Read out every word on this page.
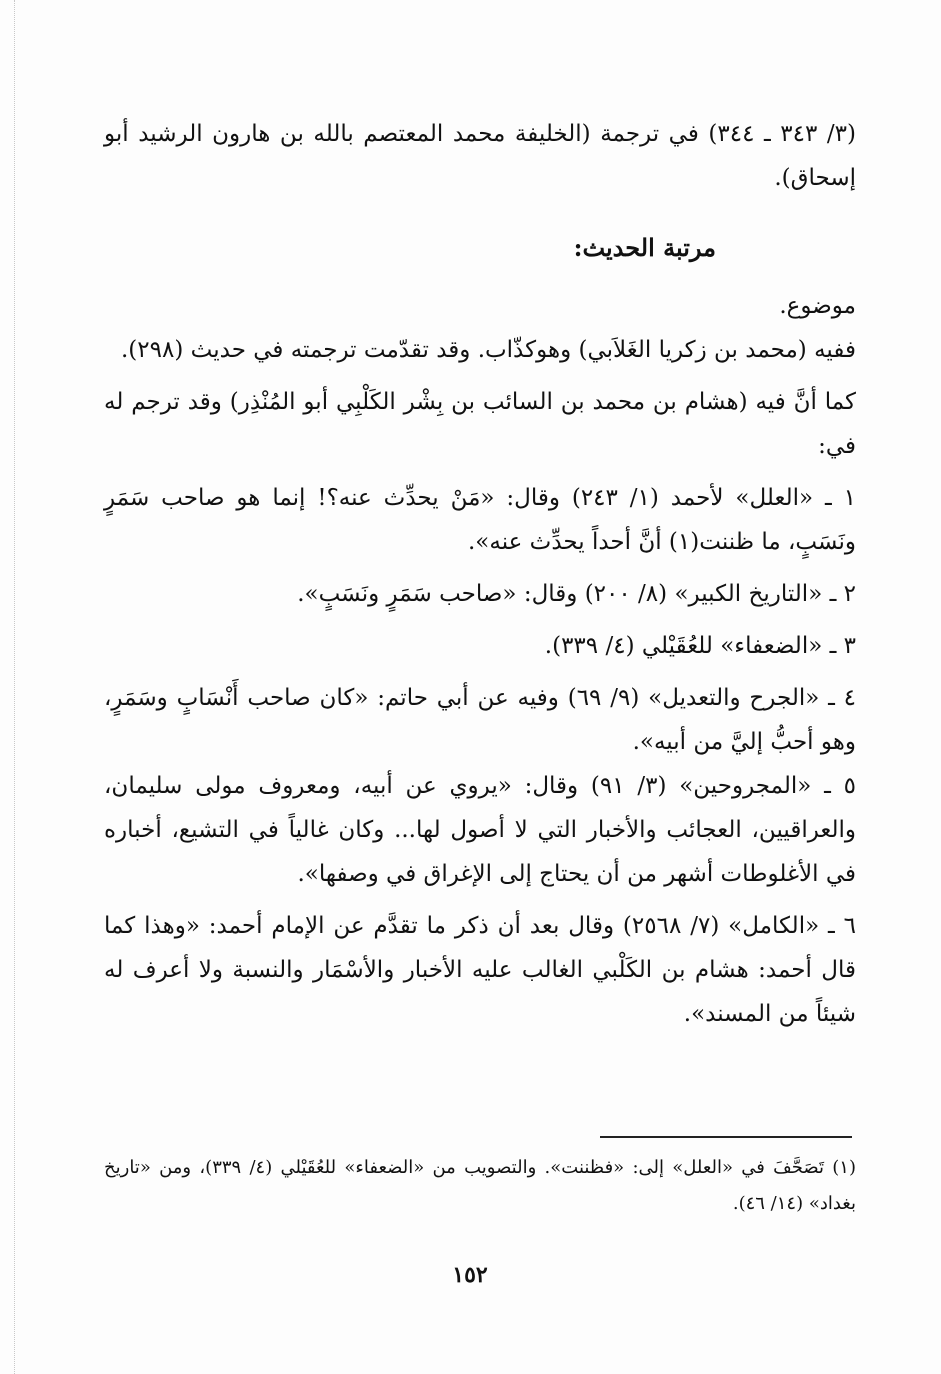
(٣/ ٣٤٣ ـ ٣٤٤) في ترجمة (الخليفة محمد المعتصم بالله بن هارون الرشيد أبو إسحاق).

مرتبة الحديث:

موضوع.

ففيه (محمد بن زكريا الغَلاَبي) وهوكذّاب. وقد تقدّمت ترجمته في حديث (٢٩٨).

كما أنَّ فيه (هشام بن محمد بن السائب بن بِشْر الكَلْبِي أبو المُنْذِر) وقد ترجم له في:

١ ـ «العلل» لأحمد (١/ ٢٤٣) وقال: «مَنْ يحدِّث عنه؟! إنما هو صاحب سَمَرٍ ونَسَبٍ، ما ظننت(١) أنَّ أحداً يحدِّث عنه».

٢ ـ «التاريخ الكبير» (٨/ ٢٠٠) وقال: «صاحب سَمَرٍ ونَسَبٍ».

٣ ـ «الضعفاء» للعُقَيْلي (٤/ ٣٣٩).

٤ ـ «الجرح والتعديل» (٩/ ٦٩) وفيه عن أبي حاتم: «كان صاحب أَنْسَابٍ وسَمَرٍ، وهو أحبُّ إليَّ من أبيه».

٥ ـ «المجروحين» (٣/ ٩١) وقال: «يروي عن أبيه، ومعروف مولى سليمان، والعراقيين، العجائب والأخبار التي لا أصول لها... وكان غالياً في التشيع، أخباره في الأغلوطات أشهر من أن يحتاج إلى الإغراق في وصفها».

٦ ـ «الكامل» (٧/ ٢٥٦٨) وقال بعد أن ذكر ما تقدَّم عن الإمام أحمد: «وهذا كما قال أحمد: هشام بن الكَلْبي الغالب عليه الأخبار والأسْمَار والنسبة ولا أعرف له شيئاً من المسند».

(١) تَصَحَّفَ في «العلل» إلى: «فظننت». والتصويب من «الضعفاء» للعُقَيْلي (٤/ ٣٣٩)، ومن «تاريخ بغداد» (١٤/ ٤٦).
١٥٢
